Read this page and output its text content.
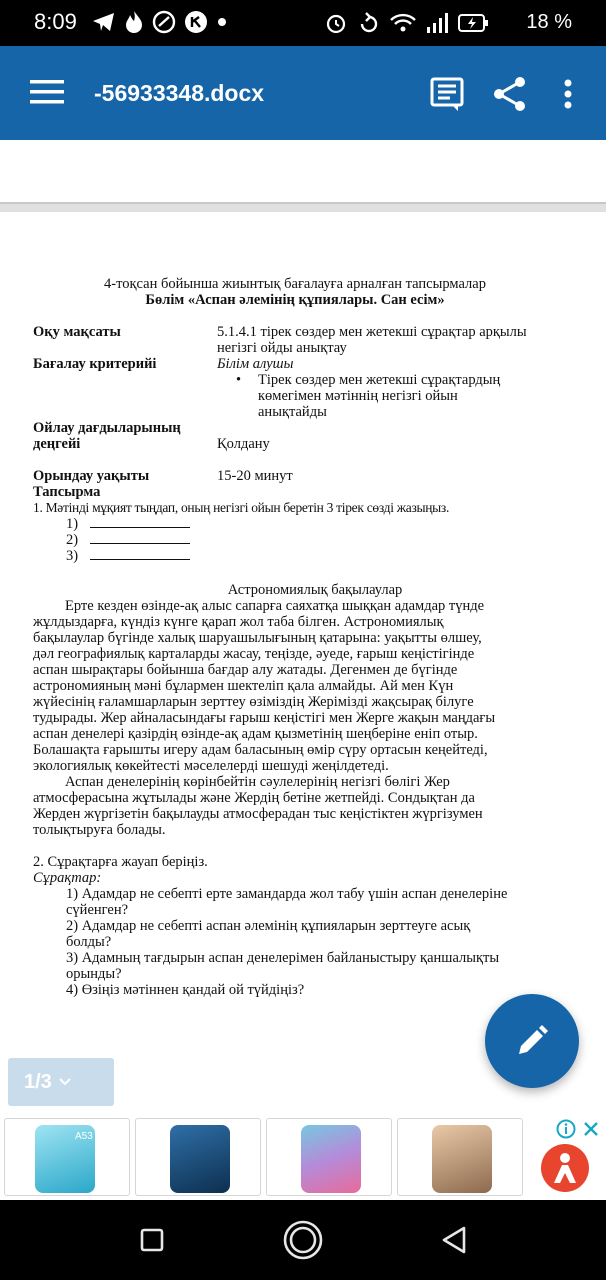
8:09	18 %
-56933348.docx
4-тоқсан бойынша жиынтық бағалауға арналған тапсырмалар
Бөлім «Аспан әлемінің құпиялары. Сан есім»
Оқу мақсаты	5.1.4.1 тірек сөздер мен жетекші сұрақтар арқылы
негізгі ойды анықтау
Бағалау критерийі	Білім алушы
• Тірек сөздер мен жетекші сұрақтардың
көмегімен мәтіннің негізгі ойын
анықтайды
Ойлау дағдыларының
деңгейі	Қолдану
Орындау уақыты	15-20 минут
Тапсырма
1. Мәтінді мұқият тыңдап, оның негізгі ойын беретін 3 тірек сөзді жазыңыз.
1)
2)
3)
Астрономиялық бақылаулар
Ерте кезден өзінде-ақ алыс сапарға саяхатқа шыққан адамдар түнде
жұлдыздарға, күндіз күнге қарап жол таба білген. Астрономиялық
бақылаулар бүгінде халық шаруашылығының қатарына: уақытты өлшеу,
дәл географиялық карталарды жасау, теңізде, әуеде, ғарыш кеңістігінде
аспан шырақтары бойынша бағдар алу жатады. Дегенмен де бүгінде
астрономияның мәні бұлармен шектеліп қала алмайды. Ай мен Күн
жүйесінің ғаламшарларын зерттеу өзіміздің Жерімізді жақсырақ білуге
тудырады. Жер айналасындағы ғарыш кеңістігі мен Жерге жақын маңдағы
аспан денелері қазірдің өзінде-ақ адам қызметінің шеңберіне еніп отыр.
Болашақта ғарышты игеру адам баласының өмір сүру ортасын кеңейтеді,
экологиялық көкейтесті мәселелерді шешуді жеңілдетеді.
Аспан денелерінің көрінбейтін сәулелерінің негізгі бөлігі Жер
атмосферасына жұтылады және Жердің бетіне жетпейді. Сондықтан да
Жерден жүргізетін бақылауды атмосферадан тыс кеңістіктен жүргізумен
толықтыруға болады.
2. Сұрақтарға жауап беріңіз.
Сұрақтар:
1) Адамдар не себепті ерте замандарда жол табу үшін аспан денелеріне
сүйенген?
2) Адамдар не себепті аспан әлемінің құпияларын зерттеуге асық
болды?
3) Адамның тағдырын аспан денелерімен байланыстыру қаншалықты
орынды?
4) Өзіңіз мәтіннен қандай ой түйдіңіз?
1/3
A53
